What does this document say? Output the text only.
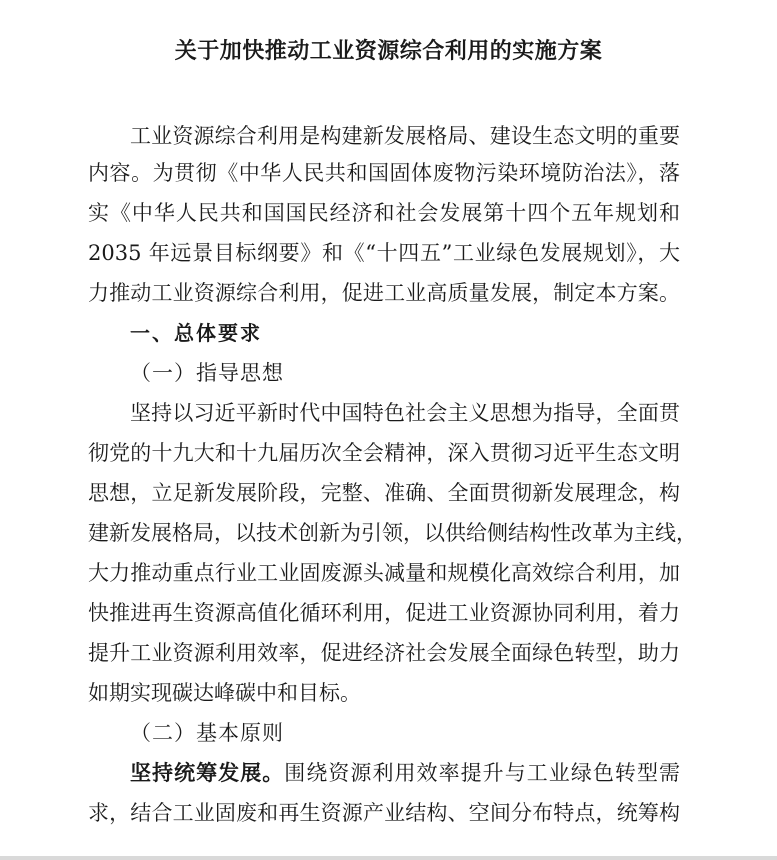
关于加快推动工业资源综合利用的实施方案
工业资源综合利用是构建新发展格局、建设生态文明的重要
内容。为贯彻《中华人民共和国固体废物污染环境防治法》，落
实《中华人民共和国国民经济和社会发展第十四个五年规划和
2035 年远景目标纲要》和《“十四五”工业绿色发展规划》，大
力推动工业资源综合利用，促进工业高质量发展，制定本方案。
一、总体要求
（一）指导思想
坚持以习近平新时代中国特色社会主义思想为指导，全面贯
彻党的十九大和十九届历次全会精神，深入贯彻习近平生态文明
思想，立足新发展阶段，完整、准确、全面贯彻新发展理念，构
建新发展格局，以技术创新为引领，以供给侧结构性改革为主线，
大力推动重点行业工业固废源头减量和规模化高效综合利用，加
快推进再生资源高值化循环利用，促进工业资源协同利用，着力
提升工业资源利用效率，促进经济社会发展全面绿色转型，助力
如期实现碳达峰碳中和目标。
（二）基本原则
坚持统筹发展。围绕资源利用效率提升与工业绿色转型需
求，结合工业固废和再生资源产业结构、空间分布特点，统筹构
